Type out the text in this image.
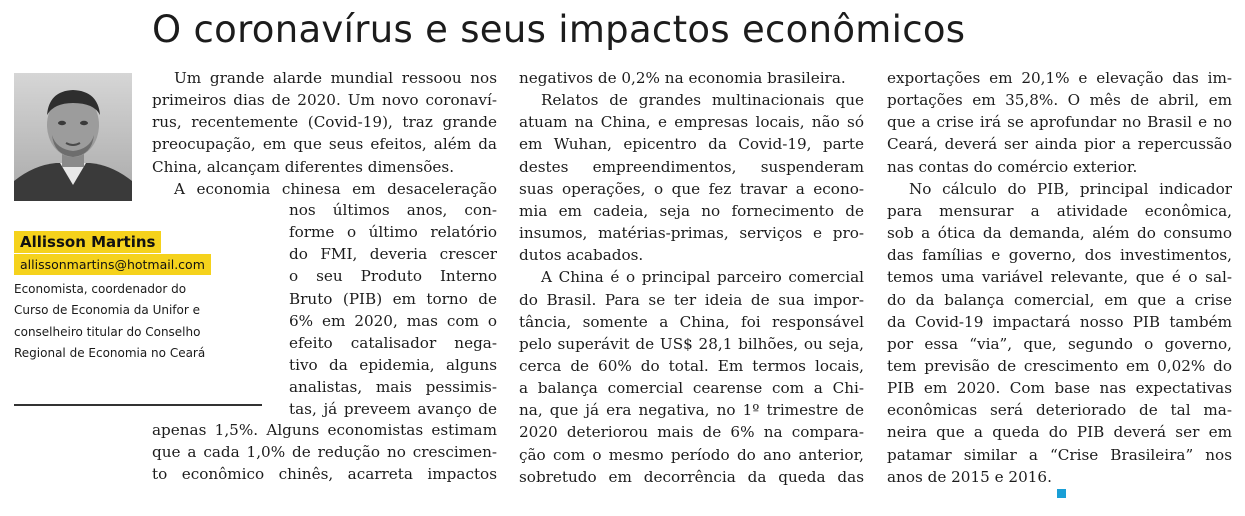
O coronavírus e seus impactos econômicos
Allisson Martins
allissonmartins@hotmail.com
Economista, coordenador do
Curso de Economia da Unifor e
conselheiro titular do Conselho
Regional de Economia no Ceará
Um grande alarde mundial ressoou nos
primeiros dias de 2020. Um novo coronaví-
rus, recentemente (Covid-19), traz grande
preocupação, em que seus efeitos, além da
China, alcançam diferentes dimensões.
A economia chinesa em desaceleração
nos últimos anos, con-
forme o último relatório
do FMI, deveria crescer
o seu Produto Interno
Bruto (PIB) em torno de
6% em 2020, mas com o
efeito catalisador nega-
tivo da epidemia, alguns
analistas, mais pessimis-
tas, já preveem avanço de
apenas 1,5%. Alguns economistas estimam
que a cada 1,0% de redução no crescimen-
to econômico chinês, acarreta impactos
negativos de 0,2% na economia brasileira.
Relatos de grandes multinacionais que
atuam na China, e empresas locais, não só
em Wuhan, epicentro da Covid-19, parte
destes empreendimentos, suspenderam
suas operações, o que fez travar a econo-
mia em cadeia, seja no fornecimento de
insumos, matérias-primas, serviços e pro-
dutos acabados.
A China é o principal parceiro comercial
do Brasil. Para se ter ideia de sua impor-
tância, somente a China, foi responsável
pelo superávit de US$ 28,1 bilhões, ou seja,
cerca de 60% do total. Em termos locais,
a balança comercial cearense com a Chi-
na, que já era negativa, no 1º trimestre de
2020 deteriorou mais de 6% na compara-
ção com o mesmo período do ano anterior,
sobretudo em decorrência da queda das
exportações em 20,1% e elevação das im-
portações em 35,8%. O mês de abril, em
que a crise irá se aprofundar no Brasil e no
Ceará, deverá ser ainda pior a repercussão
nas contas do comércio exterior.
No cálculo do PIB, principal indicador
para mensurar a atividade econômica,
sob a ótica da demanda, além do consumo
das famílias e governo, dos investimentos,
temos uma variável relevante, que é o sal-
do da balança comercial, em que a crise
da Covid-19 impactará nosso PIB também
por essa “via”, que, segundo o governo,
tem previsão de crescimento em 0,02% do
PIB em 2020. Com base nas expectativas
econômicas será deteriorado de tal ma-
neira que a queda do PIB deverá ser em
patamar similar a “Crise Brasileira” nos
anos de 2015 e 2016.
